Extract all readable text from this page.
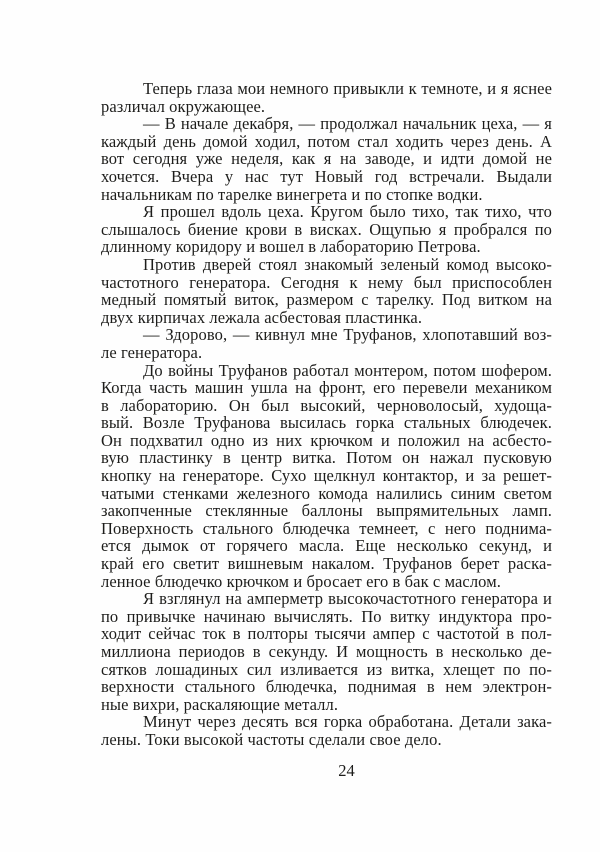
Теперь глаза мои немного привыкли к темноте, и я яснее
различал окружающее.
— В начале декабря, — продолжал начальник цеха, — я
каждый день домой ходил, потом стал ходить через день. А
вот сегодня уже неделя, как я на заводе, и идти домой не
хочется. Вчера у нас тут Новый год встречали. Выдали
начальникам по тарелке винегрета и по стопке водки.
Я прошел вдоль цеха. Кругом было тихо, так тихо, что
слышалось биение крови в висках. Ощупью я пробрался по
длинному коридору и вошел в лабораторию Петрова.
Против дверей стоял знакомый зеленый комод высоко-
частотного генератора. Сегодня к нему был приспособлен
медный помятый виток, размером с тарелку. Под витком на
двух кирпичах лежала асбестовая пластинка.
— Здорово, — кивнул мне Труфанов, хлопотавший воз-
ле генератора.
До войны Труфанов работал монтером, потом шофером.
Когда часть машин ушла на фронт, его перевели механиком
в лабораторию. Он был высокий, черноволосый, худоща-
вый. Возле Труфанова высилась горка стальных блюдечек.
Он подхватил одно из них крючком и положил на асбесто-
вую пластинку в центр витка. Потом он нажал пусковую
кнопку на генераторе. Сухо щелкнул контактор, и за решет-
чатыми стенками железного комода налились синим светом
закопченные стеклянные баллоны выпрямительных ламп.
Поверхность стального блюдечка темнеет, с него поднима-
ется дымок от горячего масла. Еще несколько секунд, и
край его светит вишневым накалом. Труфанов берет раска-
ленное блюдечко крючком и бросает его в бак с маслом.
Я взглянул на амперметр высокочастотного генератора и
по привычке начинаю вычислять. По витку индуктора про-
ходит сейчас ток в полторы тысячи ампер с частотой в пол-
миллиона периодов в секунду. И мощность в несколько де-
сятков лошадиных сил изливается из витка, хлещет по по-
верхности стального блюдечка, поднимая в нем электрон-
ные вихри, раскаляющие металл.
Минут через десять вся горка обработана. Детали зака-
лены. Токи высокой частоты сделали свое дело.
24
